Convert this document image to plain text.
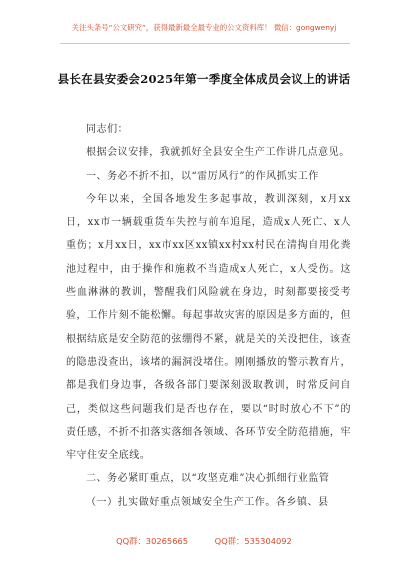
关注头条号“公文研究”，获得最新最全最专业的公文资料库！ 微信：gongwenyj
县长在县安委会2025年第一季度全体成员会议上的讲话

同志们：

根据会议安排，我就抓好全县安全生产工作讲几点意见。

一、务必不折不扣，以“雷厉风行”的作风抓实工作

今年以来，全国各地发生多起事故，教训深刻，x月xx日，xx市一辆载重货车失控与前车追尾，造成x人死亡、x人重伤；x月xx日，xx市xx区xx镇xx村xx村民在清掏自用化粪池过程中，由于操作和施救不当造成x人死亡，x人受伤。这些血淋淋的教训，警醒我们风险就在身边，时刻都要接受考验，工作片刻不能松懈。每起事故灾害的原因是多方面的，但根据结底是安全防范的弦绷得不紧，就是关的关没把住，该查的隐患没查出，该堵的漏洞没堵住。刚刚播放的警示教育片，都是我们身边事，各级各部门要深刻汲取教训，时常反问自己，类似这些问题我们是否也存在，要以“时时放心不下”的责任感，不折不扣落实落细各领域、各环节安全防范措施，牢牢守住安全底线。

二、务必紧盯重点，以“攻坚克难”决心抓细行业监管

（一）扎实做好重点领域安全生产工作。各乡镇、县

QQ群：30265665	QQ群：535304092
